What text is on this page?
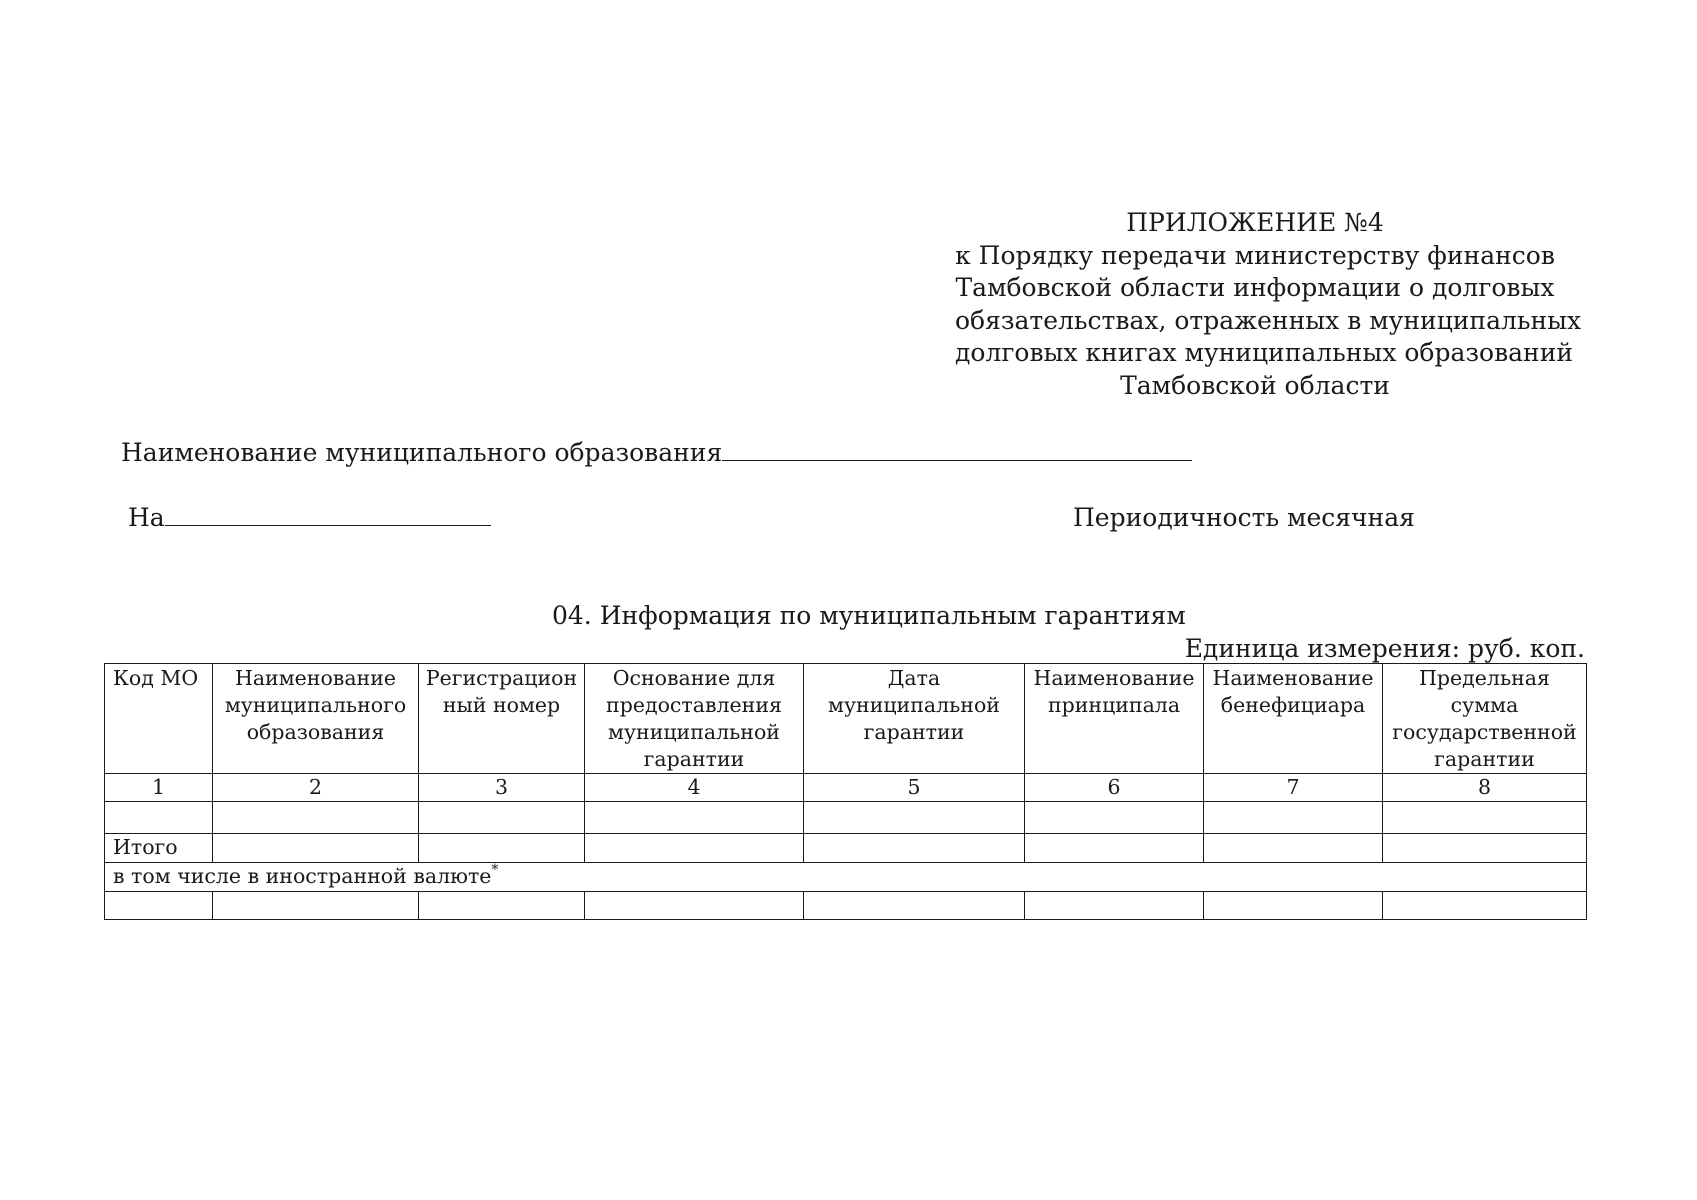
ПРИЛОЖЕНИЕ №4
к Порядку передачи министерству финансов
Тамбовской области информации о долговых
обязательствах, отраженных в муниципальных
долговых книгах муниципальных образований
Тамбовской области
Наименование муниципального образования
На	Периодичность месячная
04. Информация по муниципальным гарантиям
Единица измерения: руб. коп.
Код МО	Наименование муниципального образования	Регистрацион ный номер	Основание для предоставления муниципальной гарантии	Дата муниципальной гарантии	Наименование принципала	Наименование бенефициара	Предельная сумма государственной гарантии
1	2	3	4	5	6	7	8

Итого							
в том числе в иностранной валюте*
